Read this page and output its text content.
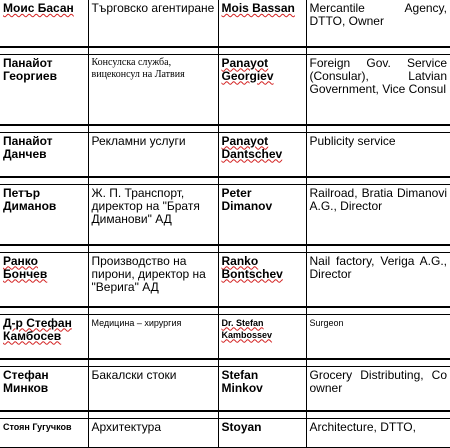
Моис Басан	Търговско агентиране	Mois Bassan	Mercantile Agency, DTTO, Owner

Панайот Георгиев	Консулска служба, вицеконсул на Латвия	Panayot Georgiev	Foreign Gov. Service (Consular), Latvian Government, Vice Consul

Панайот Данчев	Рекламни услуги	Panayot Dantschev	Publicity service

Петър Диманов	Ж. П. Транспорт, директор на "Братя Диманови" АД	Peter Dimanov	Railroad, Bratia Dimanovi A.G., Director

Ранко Бончев	Производство на пирони, директор на "Верига" АД	Ranko Bontschev	Nail factory, Veriga A.G., Director

Д-р Стефан Камбосев	Медицина – хирургия	Dr. Stefan Kambossev	Surgeon

Стефан Минков	Бакалски стоки	Stefan Minkov	Grocery Distributing, Co owner

Стоян Гугучков	Архитектура	Stoyan	Architecture, DTTO,
